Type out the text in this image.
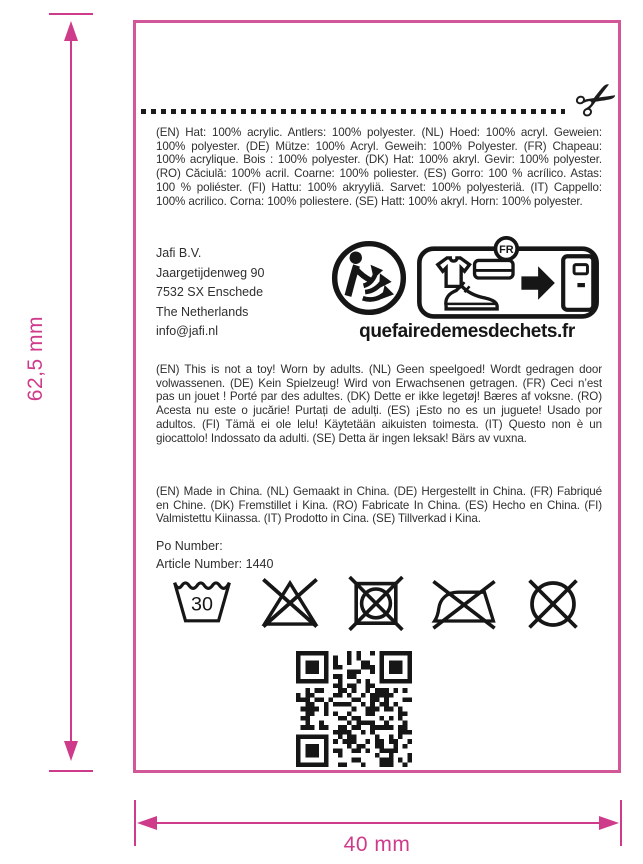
62,5 mm
40 mm
✂

(EN) Hat: 100% acrylic. Antlers: 100% polyester. (NL) Hoed: 100% acryl. Geweien: 100% polyester. (DE) Mütze: 100% Acryl. Geweih: 100% Polyester. (FR) Chapeau: 100% acrylique. Bois : 100% polyester. (DK) Hat: 100% akryl. Gevir: 100% polyester. (RO) Căciulă: 100% acril. Coarne: 100% poliester. (ES) Gorro: 100 % acrílico. Astas: 100 % poliéster. (FI) Hattu: 100% akryyliä. Sarvet: 100% polyesteriä. (IT) Cappello: 100% acrilico. Corna: 100% poliestere. (SE) Hatt: 100% akryl. Horn: 100% polyester.

Jafi B.V.
Jaargetijdenweg 90
7532 SX Enschede
The Netherlands
info@jafi.nl
FR
quefairedemesdechets.fr

(EN) This is not a toy! Worn by adults. (NL) Geen speelgoed! Wordt gedragen door volwassenen. (DE) Kein Spielzeug! Wird von Erwachsenen getragen. (FR) Ceci n’est pas un jouet ! Porté par des adultes. (DK) Dette er ikke legetøj! Bæres af voksne. (RO) Acesta nu este o jucărie! Purtați de adulți. (ES) ¡Esto no es un juguete! Usado por adultos. (FI) Tämä ei ole lelu! Käytetään aikuisten toimesta. (IT) Questo non è un giocattolo! Indossato da adulti. (SE) Detta är ingen leksak! Bärs av vuxna.

(EN) Made in China. (NL) Gemaakt in China. (DE) Hergestellt in China. (FR) Fabriqué en Chine. (DK) Fremstillet i Kina. (RO) Fabricate In China. (ES) Hecho en China. (FI) Valmistettu Kiinassa. (IT) Prodotto in Cina. (SE) Tillverkad i Kina.

Po Number:

Article Number: 1440

30
